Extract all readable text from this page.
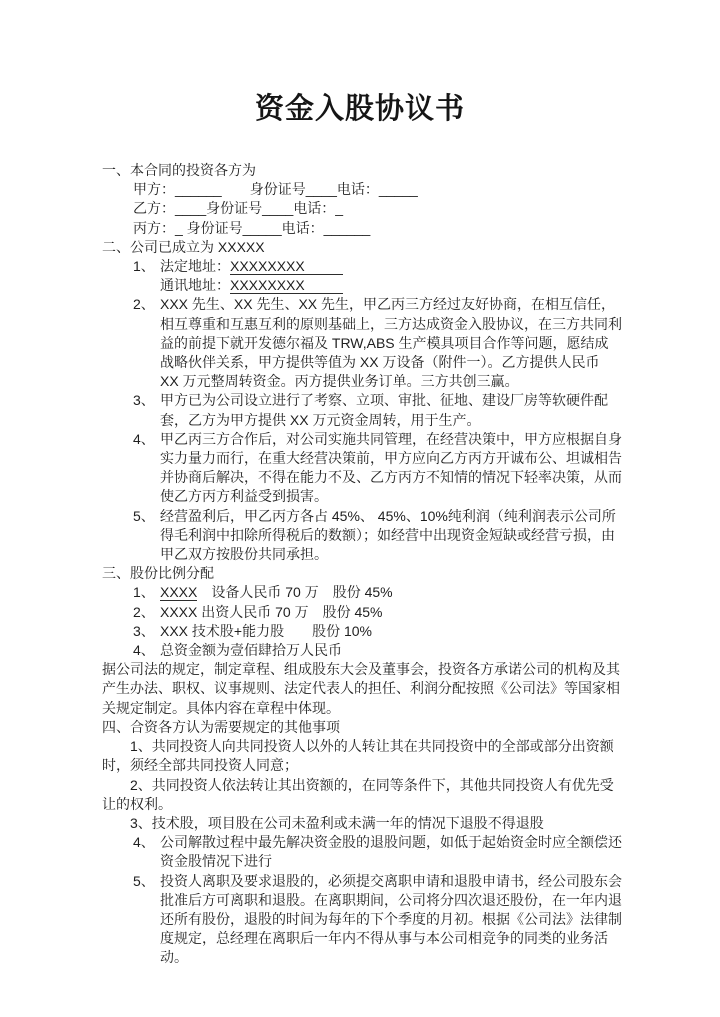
资金入股协议书
一、本合同的投资各方为
甲方：______　　身份证号____电话：_____
乙方：____身份证号____电话：_
丙方：_ 身份证号_____电话：______
二、公司已成立为 XXXXX
1、 法定地址：XXXXXXXX
通讯地址：XXXXXXXX
2、 XXX 先生、XX 先生、XX 先生，甲乙丙三方经过友好协商，在相互信任，相互尊重和互惠互利的原则基础上，三方达成资金入股协议，在三方共同利益的前提下就开发德尔福及 TRW,ABS 生产模具项目合作等问题，愿结成战略伙伴关系，甲方提供等值为 XX 万设备（附件一）。乙方提供人民币 XX 万元整周转资金。丙方提供业务订单。三方共创三赢。
3、 甲方已为公司设立进行了考察、立项、审批、征地、建设厂房等软硬件配套，乙方为甲方提供 XX 万元资金周转，用于生产。
4、 甲乙丙三方合作后，对公司实施共同管理，在经营决策中，甲方应根据自身实力量力而行，在重大经营决策前，甲方应向乙方丙方开诚布公、坦诚相告并协商后解决，不得在能力不及、乙方丙方不知情的情况下轻率决策，从而使乙方丙方利益受到损害。
5、 经营盈利后，甲乙丙方各占 45%、 45%、10%纯利润（纯利润表示公司所得毛利润中扣除所得税后的数额）；如经营中出现资金短缺或经营亏损，由甲乙双方按股份共同承担。
三、股份比例分配
1、 XXXX　设备人民币 70 万　股份 45%
2、 XXXX 出资人民币 70 万　股份 45%
3、 XXX 技术股+能力股　　股份 10%
4、 总资金额为壹佰肆拾万人民币
据公司法的规定，制定章程、组成股东大会及董事会，投资各方承诺公司的机构及其产生办法、职权、议事规则、法定代表人的担任、利润分配按照《公司法》等国家相关规定制定。具体内容在章程中体现。
四、合资各方认为需要规定的其他事项
1、共同投资人向共同投资人以外的人转让其在共同投资中的全部或部分出资额时，须经全部共同投资人同意；
2、共同投资人依法转让其出资额的，在同等条件下，其他共同投资人有优先受让的权利。
3、技术股，项目股在公司未盈利或未满一年的情况下退股不得退股
4、 公司解散过程中最先解决资金股的退股问题，如低于起始资金时应全额偿还资金股情况下进行
5、 投资人离职及要求退股的，必须提交离职申请和退股申请书，经公司股东会批准后方可离职和退股。在离职期间，公司将分四次退还股份，在一年内退还所有股份，退股的时间为每年的下个季度的月初。根据《公司法》法律制度规定，总经理在离职后一年内不得从事与本公司相竞争的同类的业务活动。
